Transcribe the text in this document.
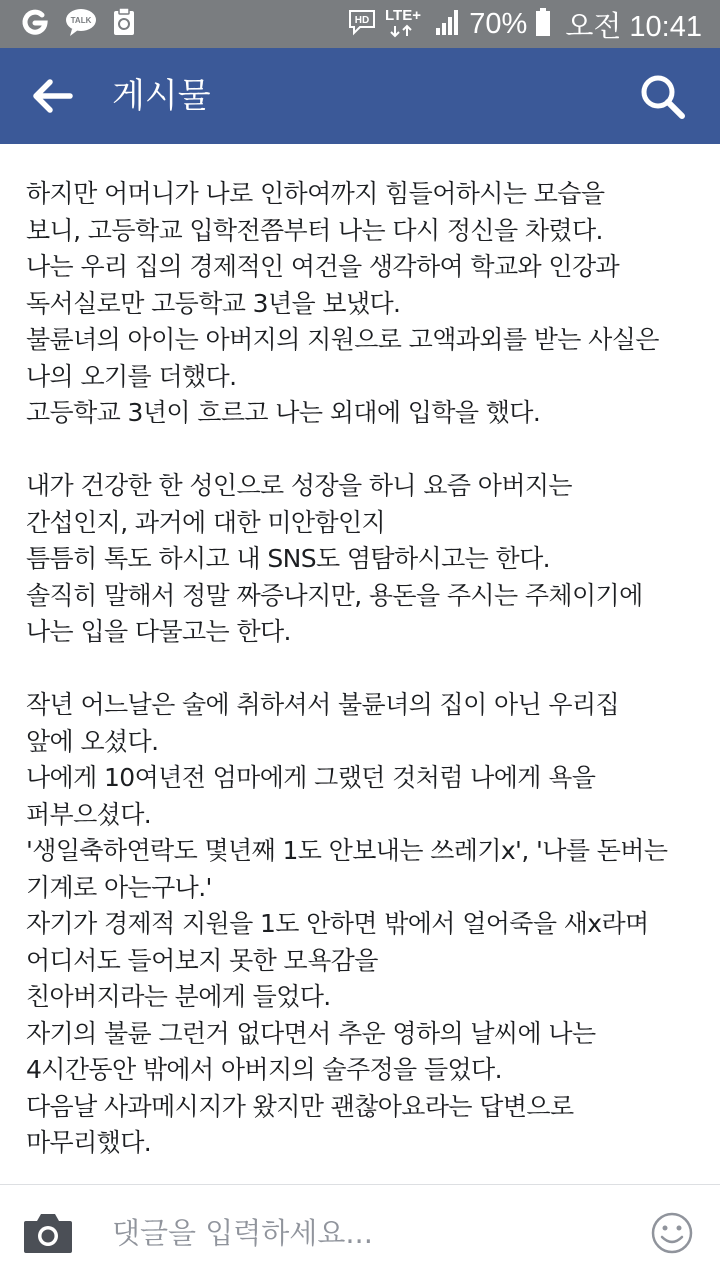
TALK	HD LTE+ 70% 오전 10:41
게시물
하지만 어머니가 나로 인하여까지 힘들어하시는 모습을
보니, 고등학교 입학전쯤부터 나는 다시 정신을 차렸다.
나는 우리 집의 경제적인 여건을 생각하여 학교와 인강과
독서실로만 고등학교 3년을 보냈다.
불륜녀의 아이는 아버지의 지원으로 고액과외를 받는 사실은
나의 오기를 더했다.
고등학교 3년이 흐르고 나는 외대에 입학을 했다.
내가 건강한 한 성인으로 성장을 하니 요즘 아버지는
간섭인지, 과거에 대한 미안함인지
틈틈히 톡도 하시고 내 SNS도 염탐하시고는 한다.
솔직히 말해서 정말 짜증나지만, 용돈을 주시는 주체이기에
나는 입을 다물고는 한다.
작년 어느날은 술에 취하셔서 불륜녀의 집이 아닌 우리집
앞에 오셨다.
나에게 10여년전 엄마에게 그랬던 것처럼 나에게 욕을
퍼부으셨다.
'생일축하연락도 몇년째 1도 안보내는 쓰레기x', '나를 돈버는
기계로 아는구나.'
자기가 경제적 지원을 1도 안하면 밖에서 얼어죽을 새x라며
어디서도 들어보지 못한 모욕감을
친아버지라는 분에게 들었다.
자기의 불륜 그런거 없다면서 추운 영하의 날씨에 나는
4시간동안 밖에서 아버지의 술주정을 들었다.
다음날 사과메시지가 왔지만 괜찮아요라는 답변으로
마무리했다.
댓글을 입력하세요...
